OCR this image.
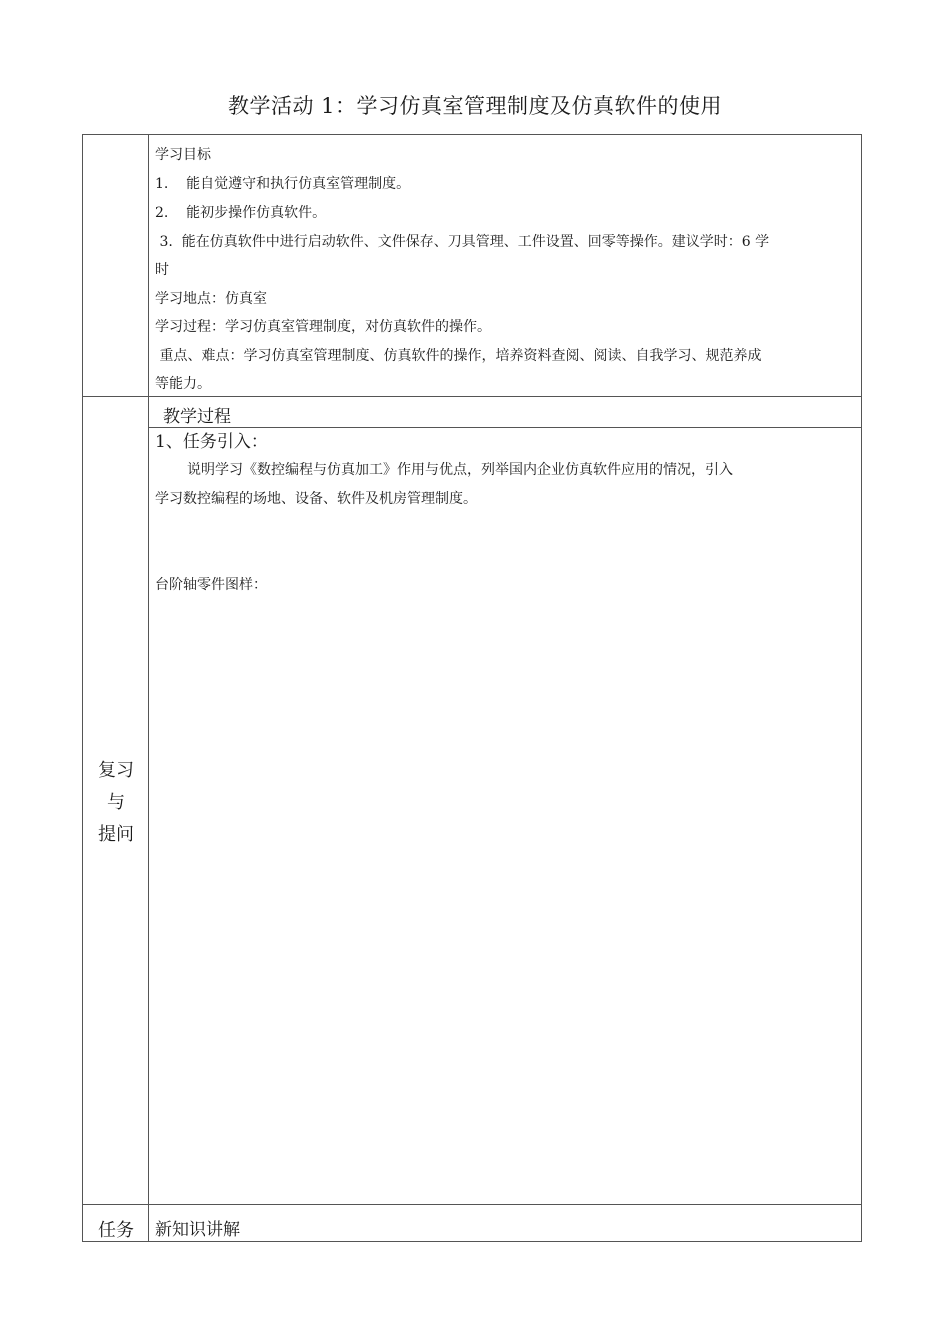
教学活动 1：学习仿真室管理制度及仿真软件的使用
学习目标
1.    能自觉遵守和执行仿真室管理制度。
2.    能初步操作仿真软件。
3.  能在仿真软件中进行启动软件、文件保存、刀具管理、工件设置、回零等操作。建议学时：6 学
时
学习地点：仿真室
学习过程：学习仿真室管理制度，对仿真软件的操作。
重点、难点：学习仿真室管理制度、仿真软件的操作，培养资料查阅、阅读、自我学习、规范养成
等能力。
教学过程
1、任务引入：
说明学习《数控编程与仿真加工》作用与优点，列举国内企业仿真软件应用的情况，引入
学习数控编程的场地、设备、软件及机房管理制度。
台阶轴零件图样：
复习
与
提问
任务	新知识讲解
